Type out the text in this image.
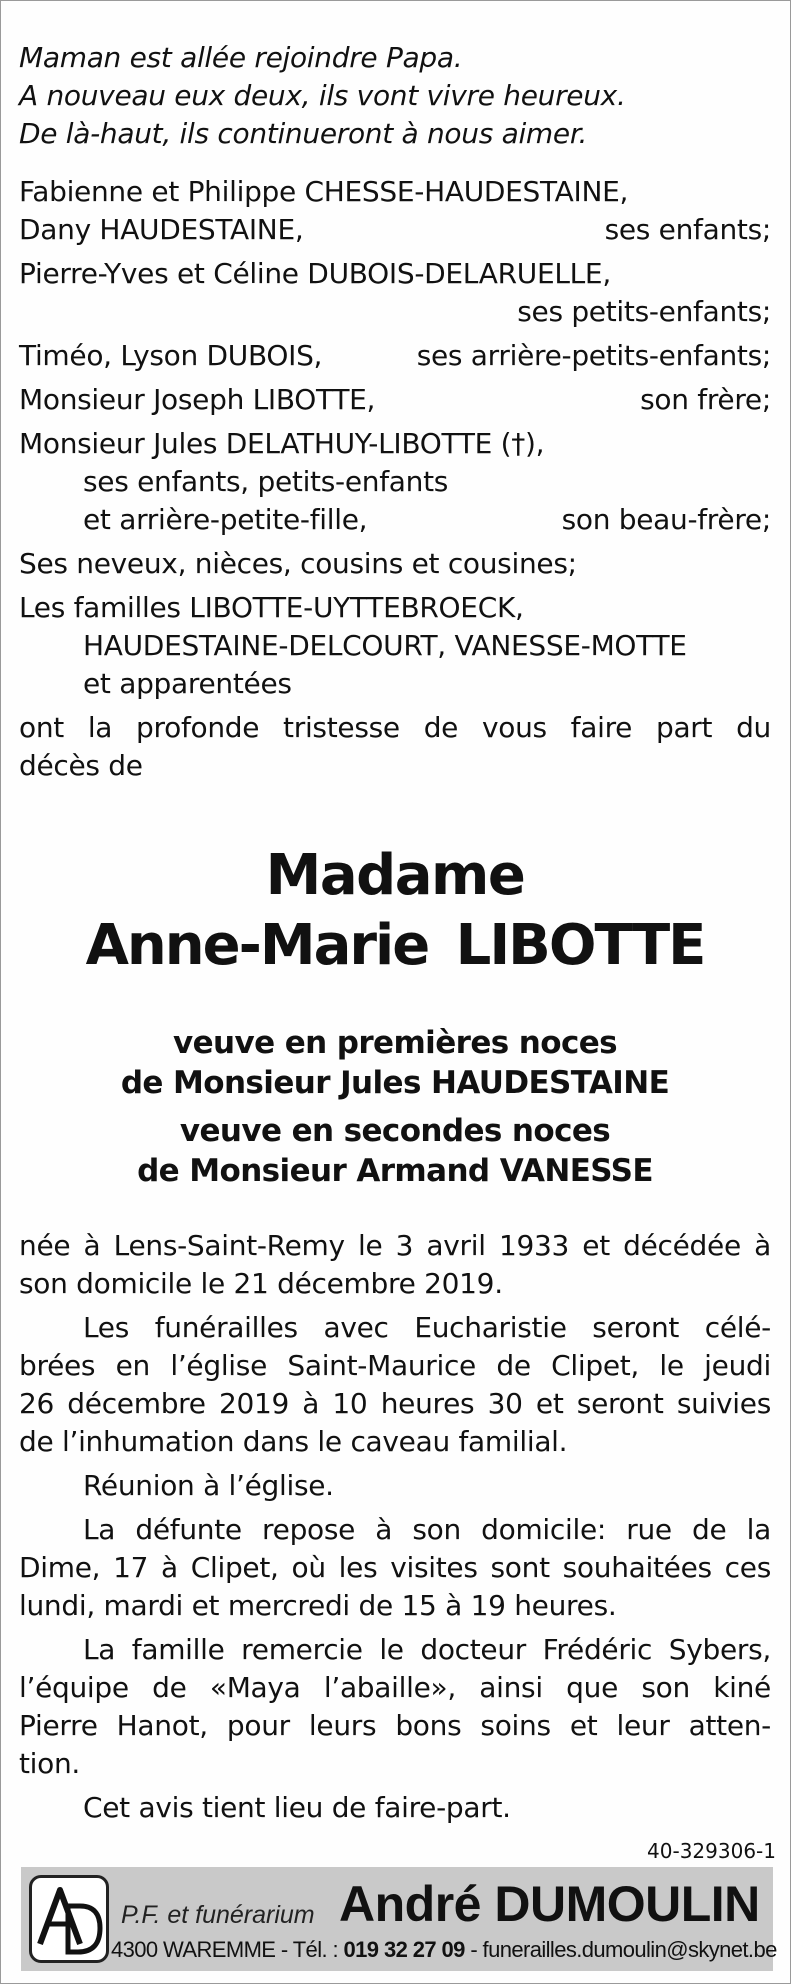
Maman est allée rejoindre Papa.
A nouveau eux deux, ils vont vivre heureux.
De là-haut, ils continueront à nous aimer.
Fabienne et Philippe CHESSE-HAUDESTAINE,
Dany HAUDESTAINE,	ses enfants;
Pierre-Yves et Céline DUBOIS-DELARUELLE,
ses petits-enfants;
Timéo, Lyson DUBOIS,	ses arrière-petits-enfants;
Monsieur Joseph LIBOTTE,	son frère;
Monsieur Jules DELATHUY-LIBOTTE (†),
ses enfants, petits-enfants
et arrière-petite-fille,	son beau-frère;
Ses neveux, nièces, cousins et cousines;
Les familles LIBOTTE-UYTTEBROECK,
HAUDESTAINE-DELCOURT, VANESSE-MOTTE
et apparentées
ont la profonde tristesse de vous faire part du
décès de
Madame
Anne-Marie LIBOTTE
veuve en premières noces
de Monsieur Jules HAUDESTAINE
veuve en secondes noces
de Monsieur Armand VANESSE
née à Lens-Saint-Remy le 3 avril 1933 et décédée à
son domicile le 21 décembre 2019.
Les funérailles avec Eucharistie seront célé-
brées en l’église Saint-Maurice de Clipet, le jeudi
26 décembre 2019 à 10 heures 30 et seront suivies
de l’inhumation dans le caveau familial.
Réunion à l’église.
La défunte repose à son domicile: rue de la
Dime, 17 à Clipet, où les visites sont souhaitées ces
lundi, mardi et mercredi de 15 à 19 heures.
La famille remercie le docteur Frédéric Sybers,
l’équipe de «Maya l’abaille», ainsi que son kiné
Pierre Hanot, pour leurs bons soins et leur atten-
tion.
Cet avis tient lieu de faire-part.
40-329306-1
P.F. et funérarium André DUMOULIN
4300 WAREMME - Tél. : 019 32 27 09 - funerailles.dumoulin@skynet.be
